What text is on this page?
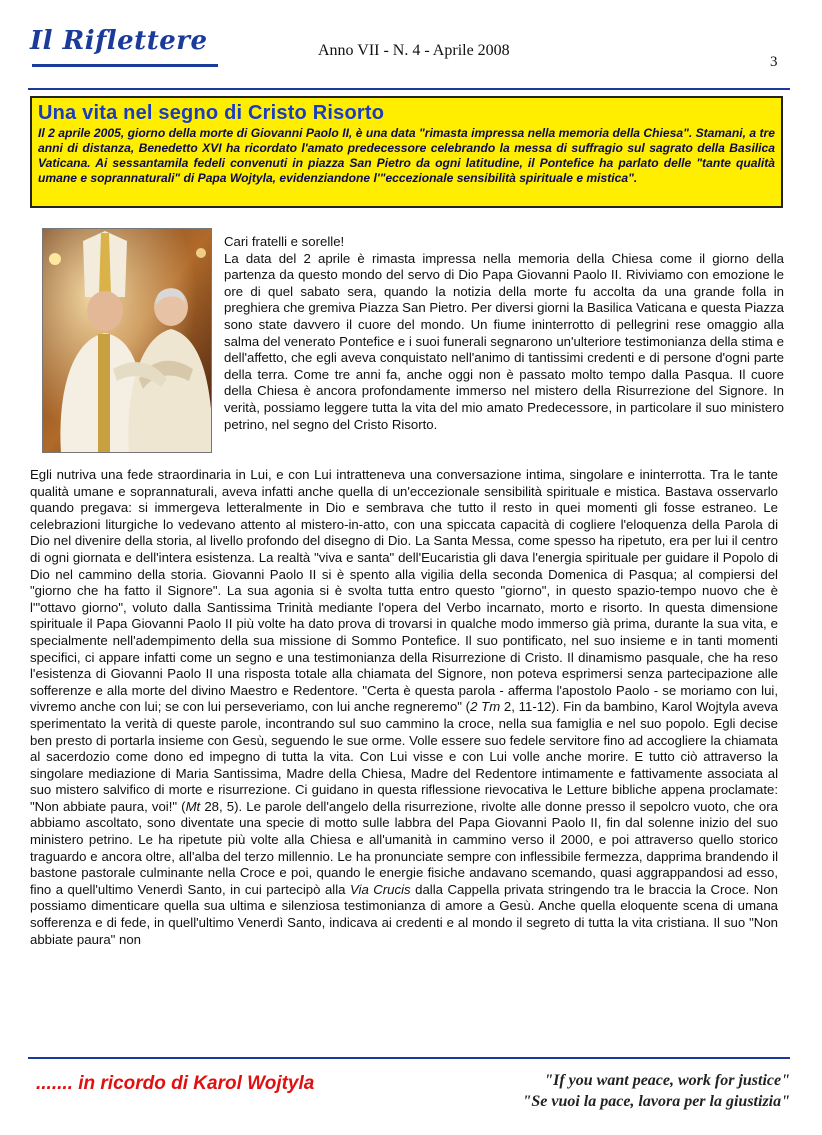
Il Riflettere	Anno VII - N. 4 - Aprile 2008
3
Una vita nel segno di Cristo Risorto
Il 2 aprile 2005, giorno della morte di Giovanni Paolo II, è una data "rimasta impressa nella memoria della Chiesa". Stamani, a tre anni di distanza, Benedetto XVI ha ricordato l'amato predecessore celebrando la messa di suffragio sul sagrato della Basilica Vaticana. Ai sessantamila fedeli convenuti in piazza San Pietro da ogni latitudine, il Pontefice ha parlato delle "tante qualità umane e soprannaturali" di Papa Wojtyla, evidenziandone l'"eccezionale sensibilità spirituale e mistica".
Cari fratelli e sorelle!
La data del 2 aprile è rimasta impressa nella memoria della Chiesa come il giorno della partenza da questo mondo del servo di Dio Papa Giovanni Paolo II. Riviviamo con emozione le ore di quel sabato sera, quando la notizia della morte fu accolta da una grande folla in preghiera che gremiva Piazza San Pietro. Per diversi giorni la Basilica Vaticana e questa Piazza sono state davvero il cuore del mondo. Un fiume ininterrotto di pellegrini rese omaggio alla salma del venerato Pontefice e i suoi funerali segnarono un'ulteriore testimonianza della stima e dell'affetto, che egli aveva conquistato nell'animo di tantissimi credenti e di persone d'ogni parte della terra. Come tre anni fa, anche oggi non è passato molto tempo dalla Pasqua. Il cuore della Chiesa è ancora profondamente immerso nel mistero della Risurrezione del Signore. In verità, possiamo leggere tutta la vita del mio amato Predecessore, in particolare il suo ministero petrino, nel segno del Cristo Risorto.
Egli nutriva una fede straordinaria in Lui, e con Lui intratteneva una conversazione intima, singolare e ininterrotta. Tra le tante qualità umane e soprannaturali, aveva infatti anche quella di un'eccezionale sensibilità spirituale e mistica. Bastava osservarlo quando pregava: si immergeva letteralmente in Dio e sembrava che tutto il resto in quei momenti gli fosse estraneo. Le celebrazioni liturgiche lo vedevano attento al mistero-in-atto, con una spiccata capacità di cogliere l'eloquenza della Parola di Dio nel divenire della storia, al livello profondo del disegno di Dio. La Santa Messa, come spesso ha ripetuto, era per lui il centro di ogni giornata e dell'intera esistenza. La realtà "viva e santa" dell'Eucaristia gli dava l'energia spirituale per guidare il Popolo di Dio nel cammino della storia. Giovanni Paolo II si è spento alla vigilia della seconda Domenica di Pasqua; al compiersi del "giorno che ha fatto il Signore". La sua agonia si è svolta tutta entro questo "giorno", in questo spazio-tempo nuovo che è l'"ottavo giorno", voluto dalla Santissima Trinità mediante l'opera del Verbo incarnato, morto e risorto. In questa dimensione spirituale il Papa Giovanni Paolo II più volte ha dato prova di trovarsi in qualche modo immerso già prima, durante la sua vita, e specialmente nell'adempimento della sua missione di Sommo Pontefice. Il suo pontificato, nel suo insieme e in tanti momenti specifici, ci appare infatti come un segno e una testimonianza della Risurrezione di Cristo. Il dinamismo pasquale, che ha reso l'esistenza di Giovanni Paolo II una risposta totale alla chiamata del Signore, non poteva esprimersi senza partecipazione alle sofferenze e alla morte del divino Maestro e Redentore. "Certa è questa parola - afferma l'apostolo Paolo - se moriamo con lui, vivremo anche con lui; se con lui perseveriamo, con lui anche regneremo" (2 Tm 2, 11-12). Fin da bambino, Karol Wojtyla aveva sperimentato la verità di queste parole, incontrando sul suo cammino la croce, nella sua famiglia e nel suo popolo. Egli decise ben presto di portarla insieme con Gesù, seguendo le sue orme. Volle essere suo fedele servitore fino ad accogliere la chiamata al sacerdozio come dono ed impegno di tutta la vita. Con Lui visse e con Lui volle anche morire. E tutto ciò attraverso la singolare mediazione di Maria Santissima, Madre della Chiesa, Madre del Redentore intimamente e fattivamente associata al suo mistero salvifico di morte e risurrezione. Ci guidano in questa riflessione rievocativa le Letture bibliche appena proclamate: "Non abbiate paura, voi!" (Mt 28, 5). Le parole dell'angelo della risurrezione, rivolte alle donne presso il sepolcro vuoto, che ora abbiamo ascoltato, sono diventate una specie di motto sulle labbra del Papa Giovanni Paolo II, fin dal solenne inizio del suo ministero petrino. Le ha ripetute più volte alla Chiesa e all'umanità in cammino verso il 2000, e poi attraverso quello storico traguardo e ancora oltre, all'alba del terzo millennio. Le ha pronunciate sempre con inflessibile fermezza, dapprima brandendo il bastone pastorale culminante nella Croce e poi, quando le energie fisiche andavano scemando, quasi aggrappandosi ad esso, fino a quell'ultimo Venerdì Santo, in cui partecipò alla Via Crucis dalla Cappella privata stringendo tra le braccia la Croce. Non possiamo dimenticare quella sua ultima e silenziosa testimonianza di amore a Gesù. Anche quella eloquente scena di umana sofferenza e di fede, in quell'ultimo Venerdì Santo, indicava ai credenti e al mondo il segreto di tutta la vita cristiana. Il suo "Non abbiate paura" non
....... in ricordo di Karol Wojtyla	"If you want peace, work for justice"
"Se vuoi la pace, lavora per la giustizia"
